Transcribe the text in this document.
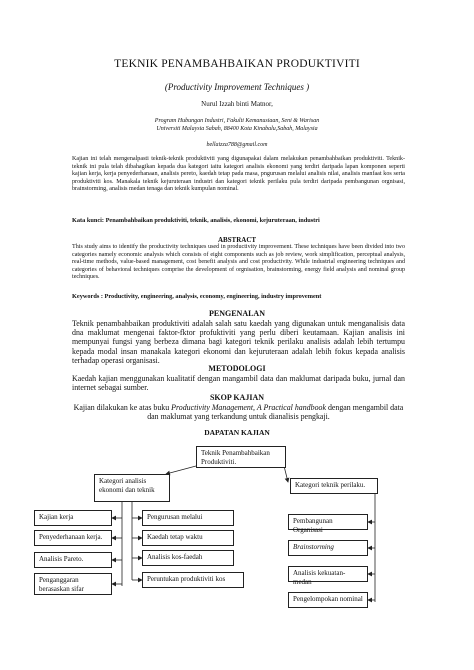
TEKNIK PENAMBAHBAIKAN PRODUKTIVITI
(Productivity Improvement Techniques )
Nurul Izzah binti Matnor,
Program Hubungan Industri, Fakulti Kemanusiaan, Seni & Warisan
Universiti Malaysia Sabah, 88400 Kota Kinabalu,Sabah, Malaysia
bellaizza788@gmail.com
Kajian ini telah mengenalpasti teknik-teknik produktiviti yang digunapakai dalam melakukan penambahbaikan produktiviti. Teknik-teknik ini pula telah dibahagikan kepada dua kategori iaitu kategori analisis ekonomi yang terdiri daripada lapan komponen seperti kajian kerja, kerja penyederhanaan, analisis pereto, kaedah tetap pada masa, pngurusan melalui analisis nilai, analisis manfaat kos serta produktiviti kos. Manakala teknik kejuruteraan industri dan kategori teknik perilaku pula terdiri daripada pembangunan orgnisasi, brainstorming, analisis medan tenaga dan teknik kumpulan nominal.
Kata kunci: Penambahbaikan produktiviti, teknik, analisis, ekonomi, kejuruteraan, industri
ABSTRACT
This study aims to identify the productivity techniques used in productivity improvement. These techniques have been divided into two categories namely economic analysis which consists of eight components such as job review, work simplification, perceptual analysis, real-time methods, value-based management, cost benefit analysis and cost productivity. While industrial engineering techniques and categories of behavioral techniques comprise the development of orgnisation, brainstorming, energy field analysis and nominal group techniques.
Keywords : Productivity, engineering, analysis, economy, engineering, industry improvement
PENGENALAN
Teknik penambahbaikan produktiviti adalah salah satu kaedah yang digunakan untuk menganalisis data dna maklumat mengenai faktor-fktor profuktiviti yang perlu diberi keutamaan. Kajian analisis ini mempunyai fungsi yang berbeza dimana bagi kategori teknik perilaku analisis adalah lebih tertumpu kepada modal insan manakala kategori ekonomi dan kejuruteraan adalah lebih fokus kepada analisis terhadap operasi organisasi.
METODOLOGI
Kaedah kajian menggunakan kualitatif dengan mangambil data dan maklumat daripada buku, jurnal dan internet sebagai sumber.
SKOP KAJIAN
Kajian dilakukan ke atas buku Productivity Management, A Practical handbook dengan mengambil data dan maklumat yang terkandung untuk dianalisis pengkaji.
DAPATAN KAJIAN
Teknik Penambahbaikan Produktiviti.
Kategori analisis ekonomi dan teknik
Kategori teknik perilaku.
Kajian kerja
Penyederhanaan kerja.
Analisis Pareto.
Penganggaran berasaskan sifar
Pengurusan melalui
Kaedah tetap waktu
Analisis kos-faedah
Peruntukan produktiviti kos
Pembangunan Organisasi
Brainstorming
Analisis kekuatan-medan
Pengelompokan nominal
